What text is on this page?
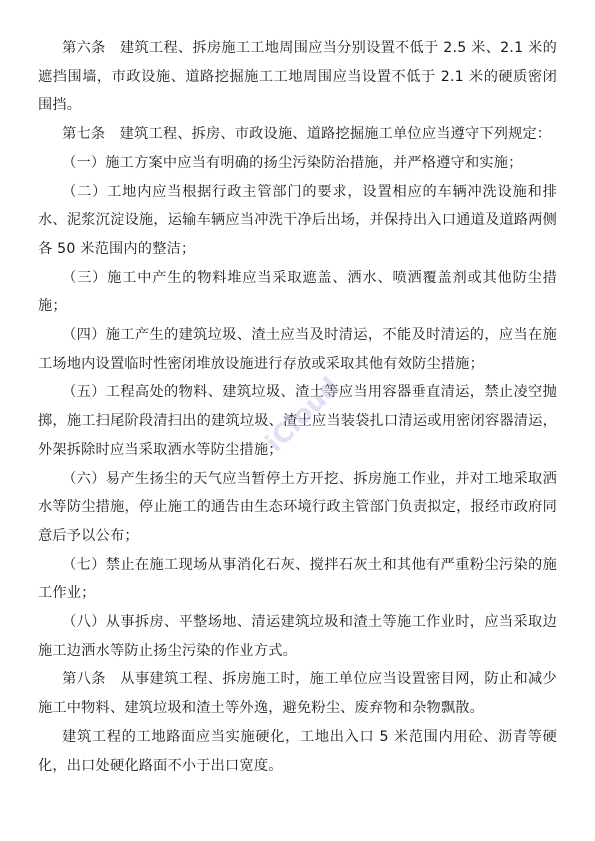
第六条　建筑工程、拆房施工工地周围应当分别设置不低于 2.5 米、2.1 米的遮挡围墙，市政设施、道路挖掘施工工地周围应当设置不低于 2.1 米的硬质密闭围挡。

第七条　建筑工程、拆房、市政设施、道路挖掘施工单位应当遵守下列规定：

（一）施工方案中应当有明确的扬尘污染防治措施，并严格遵守和实施；

（二）工地内应当根据行政主管部门的要求，设置相应的车辆冲洗设施和排水、泥浆沉淀设施，运输车辆应当冲洗干净后出场，并保持出入口通道及道路两侧各 50 米范围内的整洁；

（三）施工中产生的物料堆应当采取遮盖、洒水、喷洒覆盖剂或其他防尘措施；

（四）施工产生的建筑垃圾、渣土应当及时清运，不能及时清运的，应当在施工场地内设置临时性密闭堆放设施进行存放或采取其他有效防尘措施；

（五）工程高处的物料、建筑垃圾、渣土等应当用容器垂直清运，禁止凌空抛掷，施工扫尾阶段清扫出的建筑垃圾、渣土应当装袋扎口清运或用密闭容器清运，外架拆除时应当采取洒水等防尘措施；

（六）易产生扬尘的天气应当暂停土方开挖、拆房施工作业，并对工地采取洒水等防尘措施，停止施工的通告由生态环境行政主管部门负责拟定，报经市政府同意后予以公布；

（七）禁止在施工现场从事消化石灰、搅拌石灰土和其他有严重粉尘污染的施工作业；

（八）从事拆房、平整场地、清运建筑垃圾和渣土等施工作业时，应当采取边施工边洒水等防止扬尘污染的作业方式。

第八条　从事建筑工程、拆房施工时，施工单位应当设置密目网，防止和减少施工中物料、建筑垃圾和渣土等外逸，避免粉尘、废弃物和杂物飘散。

建筑工程的工地路面应当实施硬化，工地出入口 5 米范围内用砼、沥青等硬化，出口处硬化路面不小于出口宽度。

iCloud
